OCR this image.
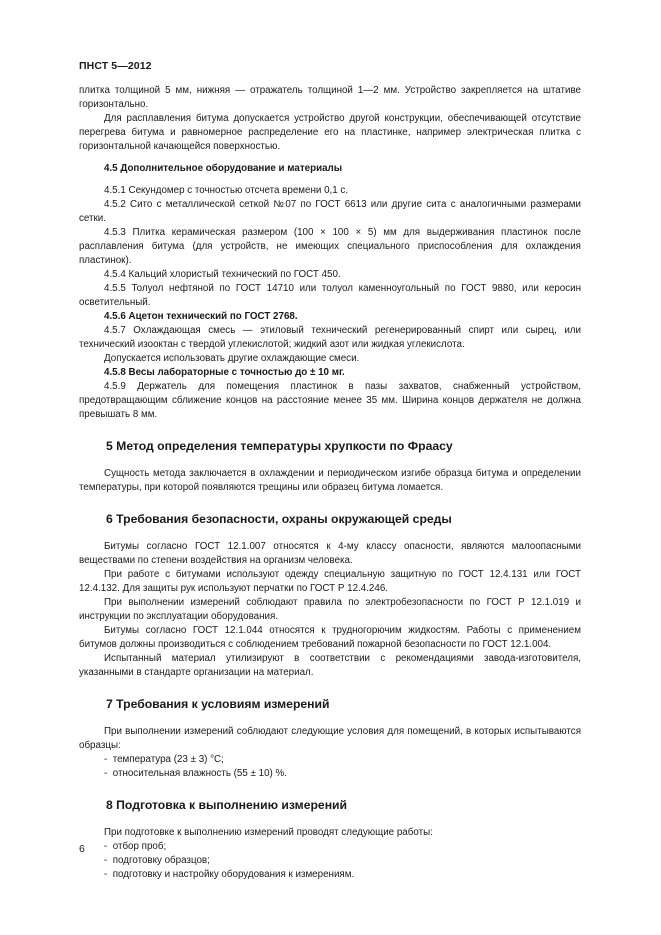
ПНСТ 5—2012

плитка толщиной 5 мм, нижняя — отражатель толщиной 1—2 мм. Устройство закрепляется на штативе горизонтально.

Для расплавления битума допускается устройство другой конструкции, обеспечивающей отсутствие перегрева битума и равномерное распределение его на пластинке, например электрическая плитка с горизонтальной качающейся поверхностью.

4.5 Дополнительное оборудование и материалы

4.5.1 Секундомер с точностью отсчета времени 0,1 с.

4.5.2 Сито с металлической сеткой №07 по ГОСТ 6613 или другие сита с аналогичными размерами сетки.

4.5.3 Плитка керамическая размером (100 × 100 × 5) мм для выдерживания пластинок после расплавления битума (для устройств, не имеющих специального приспособления для охлаждения пластинок).

4.5.4 Кальций хлористый технический по ГОСТ 450.

4.5.5 Толуол нефтяной по ГОСТ 14710 или толуол каменноугольный по ГОСТ 9880, или керосин осветительный.

4.5.6 Ацетон технический по ГОСТ 2768.

4.5.7 Охлаждающая смесь — этиловый технический регенерированный спирт или сырец, или технический изооктан с твердой углекислотой; жидкий азот или жидкая углекислота.

Допускается использовать другие охлаждающие смеси.

4.5.8 Весы лабораторные с точностью до ± 10 мг.

4.5.9 Держатель для помещения пластинок в пазы захватов, снабженный устройством, предотвращающим сближение концов на расстояние менее 35 мм. Ширина концов держателя не должна превышать 8 мм.

5 Метод определения температуры хрупкости по Фраасу

Сущность метода заключается в охлаждении и периодическом изгибе образца битума и определении температуры, при которой появляются трещины или образец битума ломается.

6 Требования безопасности, охраны окружающей среды

Битумы согласно ГОСТ 12.1.007 относятся к 4-му классу опасности, являются малоопасными веществами по степени воздействия на организм человека.

При работе с битумами используют одежду специальную защитную по ГОСТ 12.4.131 или ГОСТ 12.4.132. Для защиты рук используют перчатки по ГОСТ Р 12.4.246.

При выполнении измерений соблюдают правила по электробезопасности по ГОСТ Р 12.1.019 и инструкции по эксплуатации оборудования.

Битумы согласно ГОСТ 12.1.044 относятся к трудногорючим жидкостям. Работы с применением битумов должны производиться с соблюдением требований пожарной безопасности по ГОСТ 12.1.004.

Испытанный материал утилизируют в соответствии с рекомендациями завода-изготовителя, указанными в стандарте организации на материал.

7 Требования к условиям измерений

При выполнении измерений соблюдают следующие условия для помещений, в которых испытываются образцы:

-  температура (23 ± 3) °С;
-  относительная влажность (55 ± 10) %.
8 Подготовка к выполнению измерений

При подготовке к выполнению измерений проводят следующие работы:

-  отбор проб;
-  подготовку образцов;
-  подготовку и настройку оборудования к измерениям.
6
